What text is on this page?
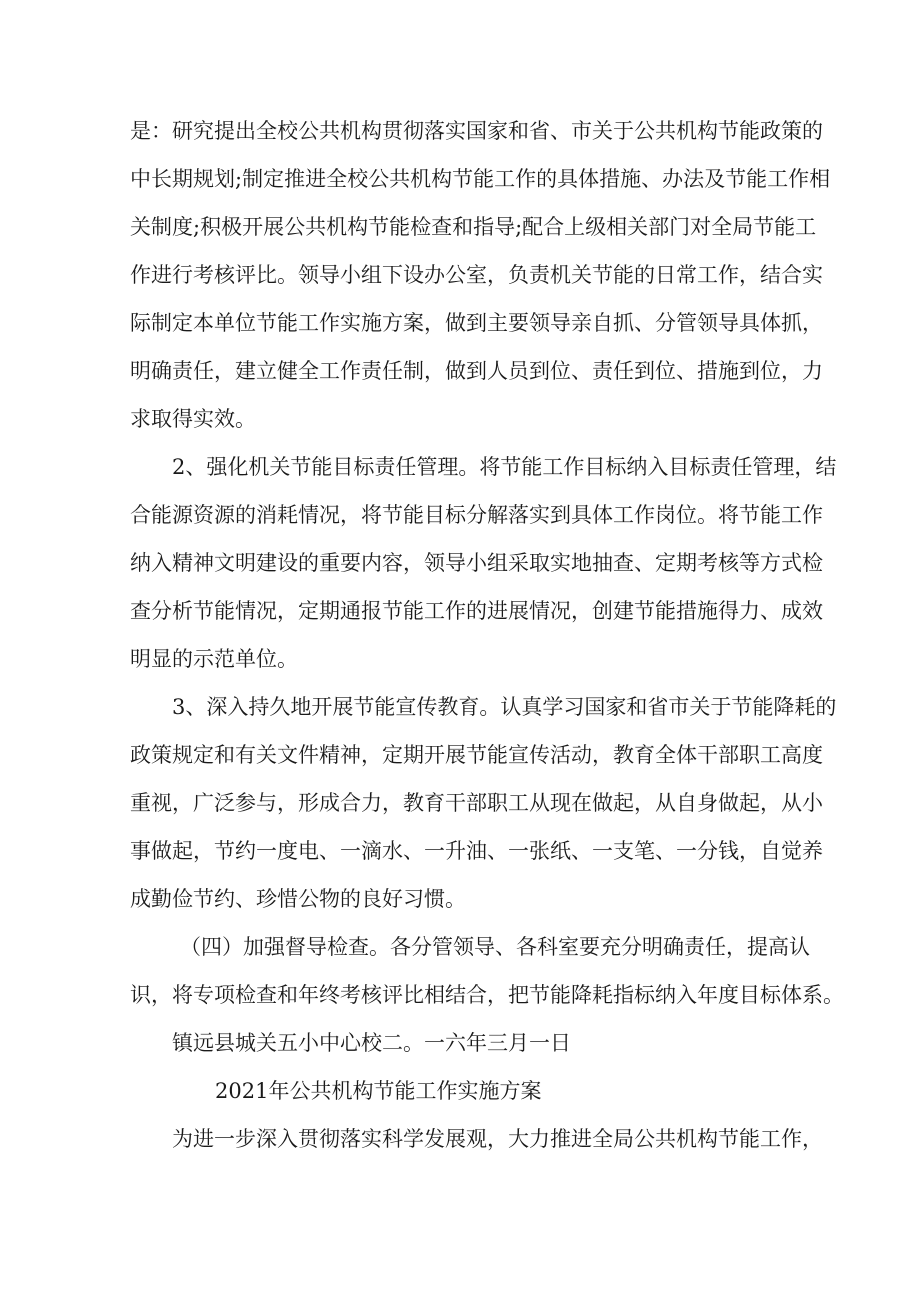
是：研究提出全校公共机构贯彻落实国家和省、市关于公共机构节能政策的
中长期规划;制定推进全校公共机构节能工作的具体措施、办法及节能工作相
关制度;积极开展公共机构节能检查和指导;配合上级相关部门对全局节能工
作进行考核评比。领导小组下设办公室，负责机关节能的日常工作，结合实
际制定本单位节能工作实施方案，做到主要领导亲自抓、分管领导具体抓，
明确责任，建立健全工作责任制，做到人员到位、责任到位、措施到位，力
求取得实效。
2、强化机关节能目标责任管理。将节能工作目标纳入目标责任管理，结
合能源资源的消耗情况，将节能目标分解落实到具体工作岗位。将节能工作
纳入精神文明建设的重要内容，领导小组采取实地抽查、定期考核等方式检
查分析节能情况，定期通报节能工作的进展情况，创建节能措施得力、成效
明显的示范单位。
3、深入持久地开展节能宣传教育。认真学习国家和省市关于节能降耗的
政策规定和有关文件精神，定期开展节能宣传活动，教育全体干部职工高度
重视，广泛参与，形成合力，教育干部职工从现在做起，从自身做起，从小
事做起，节约一度电、一滴水、一升油、一张纸、一支笔、一分钱，自觉养
成勤俭节约、珍惜公物的良好习惯。
（四）加强督导检查。各分管领导、各科室要充分明确责任，提高认
识，将专项检查和年终考核评比相结合，把节能降耗指标纳入年度目标体系。
镇远县城关五小中心校二。一六年三月一日
2021年公共机构节能工作实施方案
为进一步深入贯彻落实科学发展观，大力推进全局公共机构节能工作，
